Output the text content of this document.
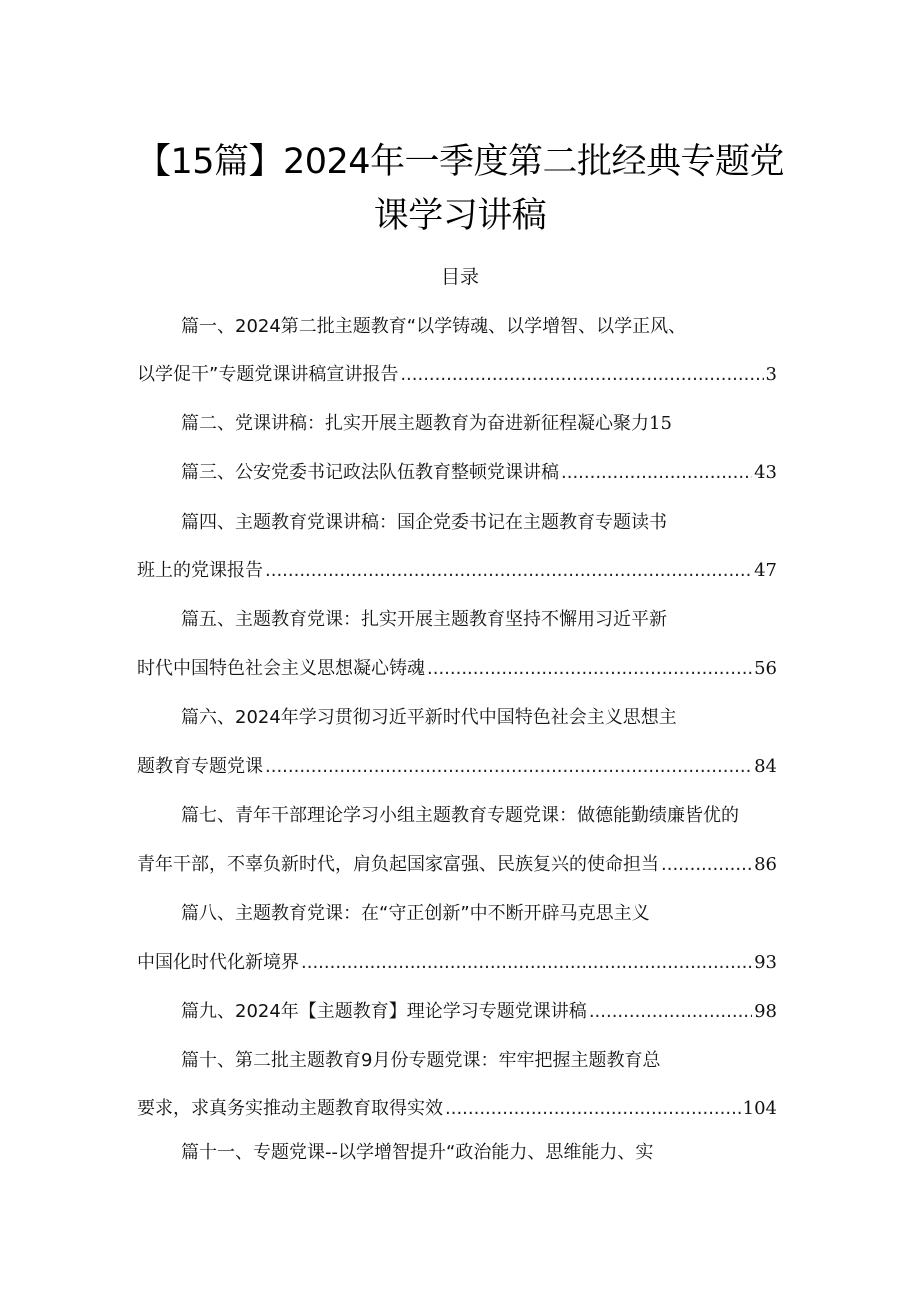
【15篇】2024年一季度第二批经典专题党
课学习讲稿
目录
篇一、2024第二批主题教育“以学铸魂、以学增智、以学正风、
以学促干”专题党课讲稿宣讲报告 .....	3
篇二、党课讲稿：扎实开展主题教育为奋进新征程凝心聚力15
篇三、公安党委书记政法队伍教育整顿党课讲稿 .....	43
篇四、主题教育党课讲稿：国企党委书记在主题教育专题读书
班上的党课报告 .....	47
篇五、主题教育党课：扎实开展主题教育坚持不懈用习近平新
时代中国特色社会主义思想凝心铸魂 .....	56
篇六、2024年学习贯彻习近平新时代中国特色社会主义思想主
题教育专题党课 .....	84
篇七、青年干部理论学习小组主题教育专题党课：做德能勤绩廉皆优的
青年干部，不辜负新时代，肩负起国家富强、民族复兴的使命担当 .....	86
篇八、主题教育党课：在“守正创新”中不断开辟马克思主义
中国化时代化新境界 .....	93
篇九、2024年【主题教育】理论学习专题党课讲稿 .....	98
篇十、第二批主题教育9月份专题党课：牢牢把握主题教育总
要求，求真务实推动主题教育取得实效 .....	104
篇十一、专题党课--以学增智提升“政治能力、思维能力、实
